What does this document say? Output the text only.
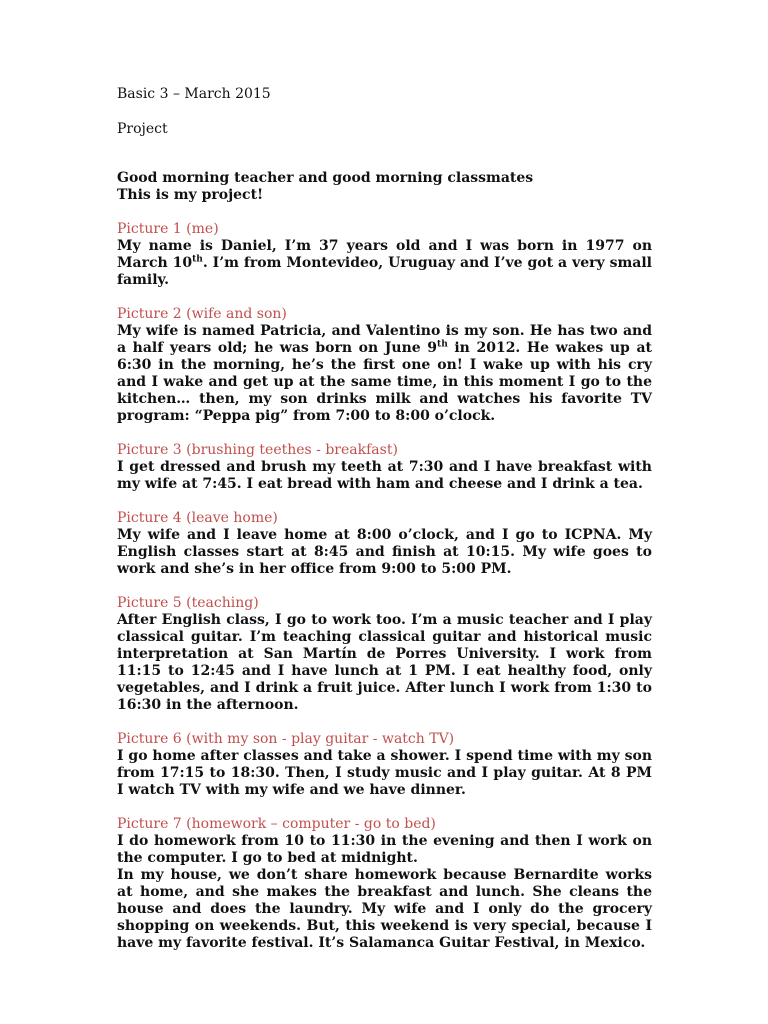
Basic 3 – March 2015

Project

Good morning teacher and good morning classmates
This is my project!

Picture 1 (me)

My name is Daniel, I’m 37 years old and I was born in 1977 on March 10th. I’m from Montevideo, Uruguay and I’ve got a very small family.

Picture 2 (wife and son)

My wife is named Patricia, and Valentino is my son. He has two and a half years old; he was born on June 9th in 2012. He wakes up at 6:30 in the morning, he’s the first one on! I wake up with his cry and I wake and get up at the same time, in this moment I go to the kitchen… then, my son drinks milk and watches his favorite TV program: “Peppa pig” from 7:00 to 8:00 o’clock.

Picture 3 (brushing teethes - breakfast)

I get dressed and brush my teeth at 7:30 and I have breakfast with my wife at 7:45. I eat bread with ham and cheese and I drink a tea.

Picture 4 (leave home)

My wife and I leave home at 8:00 o’clock, and I go to ICPNA. My English classes start at 8:45 and finish at 10:15. My wife goes to work and she’s in her office from 9:00 to 5:00 PM.

Picture 5 (teaching)

After English class, I go to work too. I’m a music teacher and I play classical guitar. I’m teaching classical guitar and historical music interpretation at San Martín de Porres University. I work from 11:15 to 12:45 and I have lunch at 1 PM. I eat healthy food, only vegetables, and I drink a fruit juice. After lunch I work from 1:30 to 16:30 in the afternoon.

Picture 6 (with my son - play guitar - watch TV)

I go home after classes and take a shower. I spend time with my son from 17:15 to 18:30. Then, I study music and I play guitar. At 8 PM I watch TV with my wife and we have dinner.

Picture 7 (homework – computer - go to bed)

I do homework from 10 to 11:30 in the evening and then I work on the computer. I go to bed at midnight.
In my house, we don’t share homework because Bernardite works at home, and she makes the breakfast and lunch. She cleans the house and does the laundry. My wife and I only do the grocery shopping on weekends. But, this weekend is very special, because I have my favorite festival. It’s Salamanca Guitar Festival, in Mexico.
